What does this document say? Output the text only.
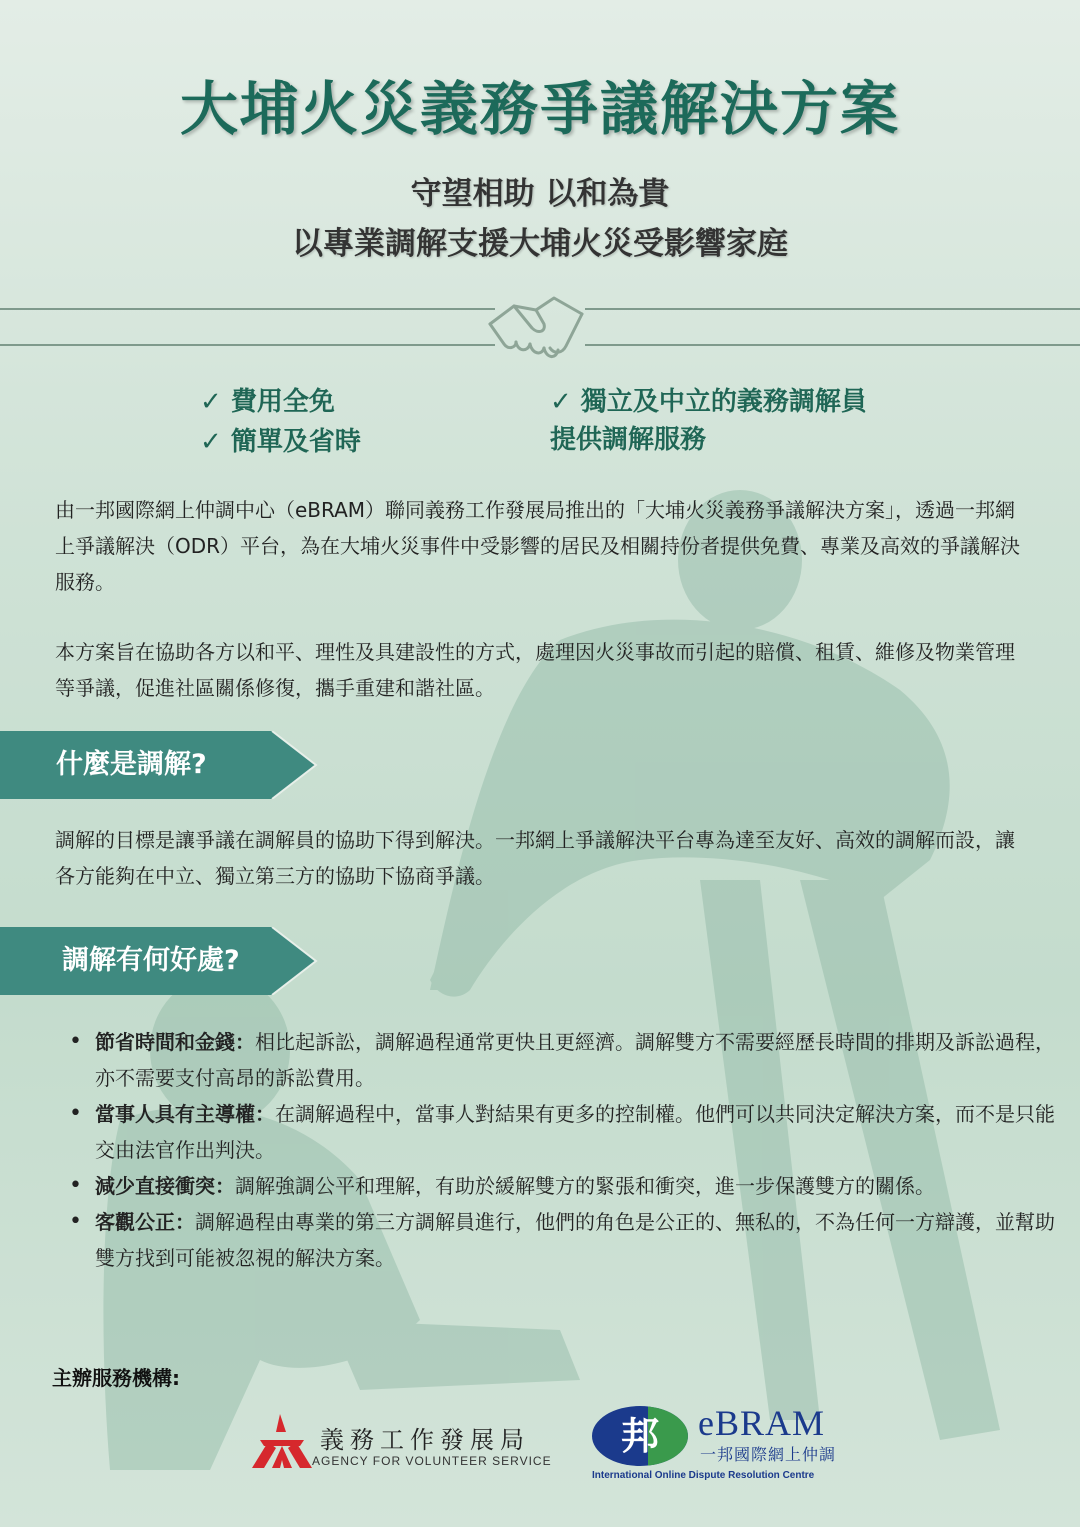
大埔火災義務爭議解決方案
守望相助 以和為貴
以專業調解支援大埔火災受影響家庭
✓ 費用全免
✓ 簡單及省時
✓ 獨立及中立的義務調解員
提供調解服務
由一邦國際網上仲調中心（eBRAM）聯同義務工作發展局推出的「大埔火災義務爭議解決方案」，透過一邦網上爭議解決（ODR）平台，為在大埔火災事件中受影響的居民及相關持份者提供免費、專業及高效的爭議解決服務。
本方案旨在協助各方以和平、理性及具建設性的方式，處理因火災事故而引起的賠償、租賃、維修及物業管理等爭議，促進社區關係修復，攜手重建和諧社區。
什麼是調解?
調解的目標是讓爭議在調解員的協助下得到解決。一邦網上爭議解決平台專為達至友好、高效的調解而設，讓各方能夠在中立、獨立第三方的協助下協商爭議。
調解有何好處?
• 節省時間和金錢：相比起訴訟，調解過程通常更快且更經濟。調解雙方不需要經歷長時間的排期及訴訟過程，亦不需要支付高昂的訴訟費用。
• 當事人具有主導權：在調解過程中，當事人對結果有更多的控制權。他們可以共同決定解決方案，而不是只能交由法官作出判決。
• 減少直接衝突：調解強調公平和理解，有助於緩解雙方的緊張和衝突，進一步保護雙方的關係。
• 客觀公正：調解過程由專業的第三方調解員進行，他們的角色是公正的、無私的，不為任何一方辯護，並幫助雙方找到可能被忽視的解決方案。
主辦服務機構:
義務工作發展局
AGENCY FOR VOLUNTEER SERVICE
邦	eBRAM
一邦國際網上仲調
International Online Dispute Resolution Centre
